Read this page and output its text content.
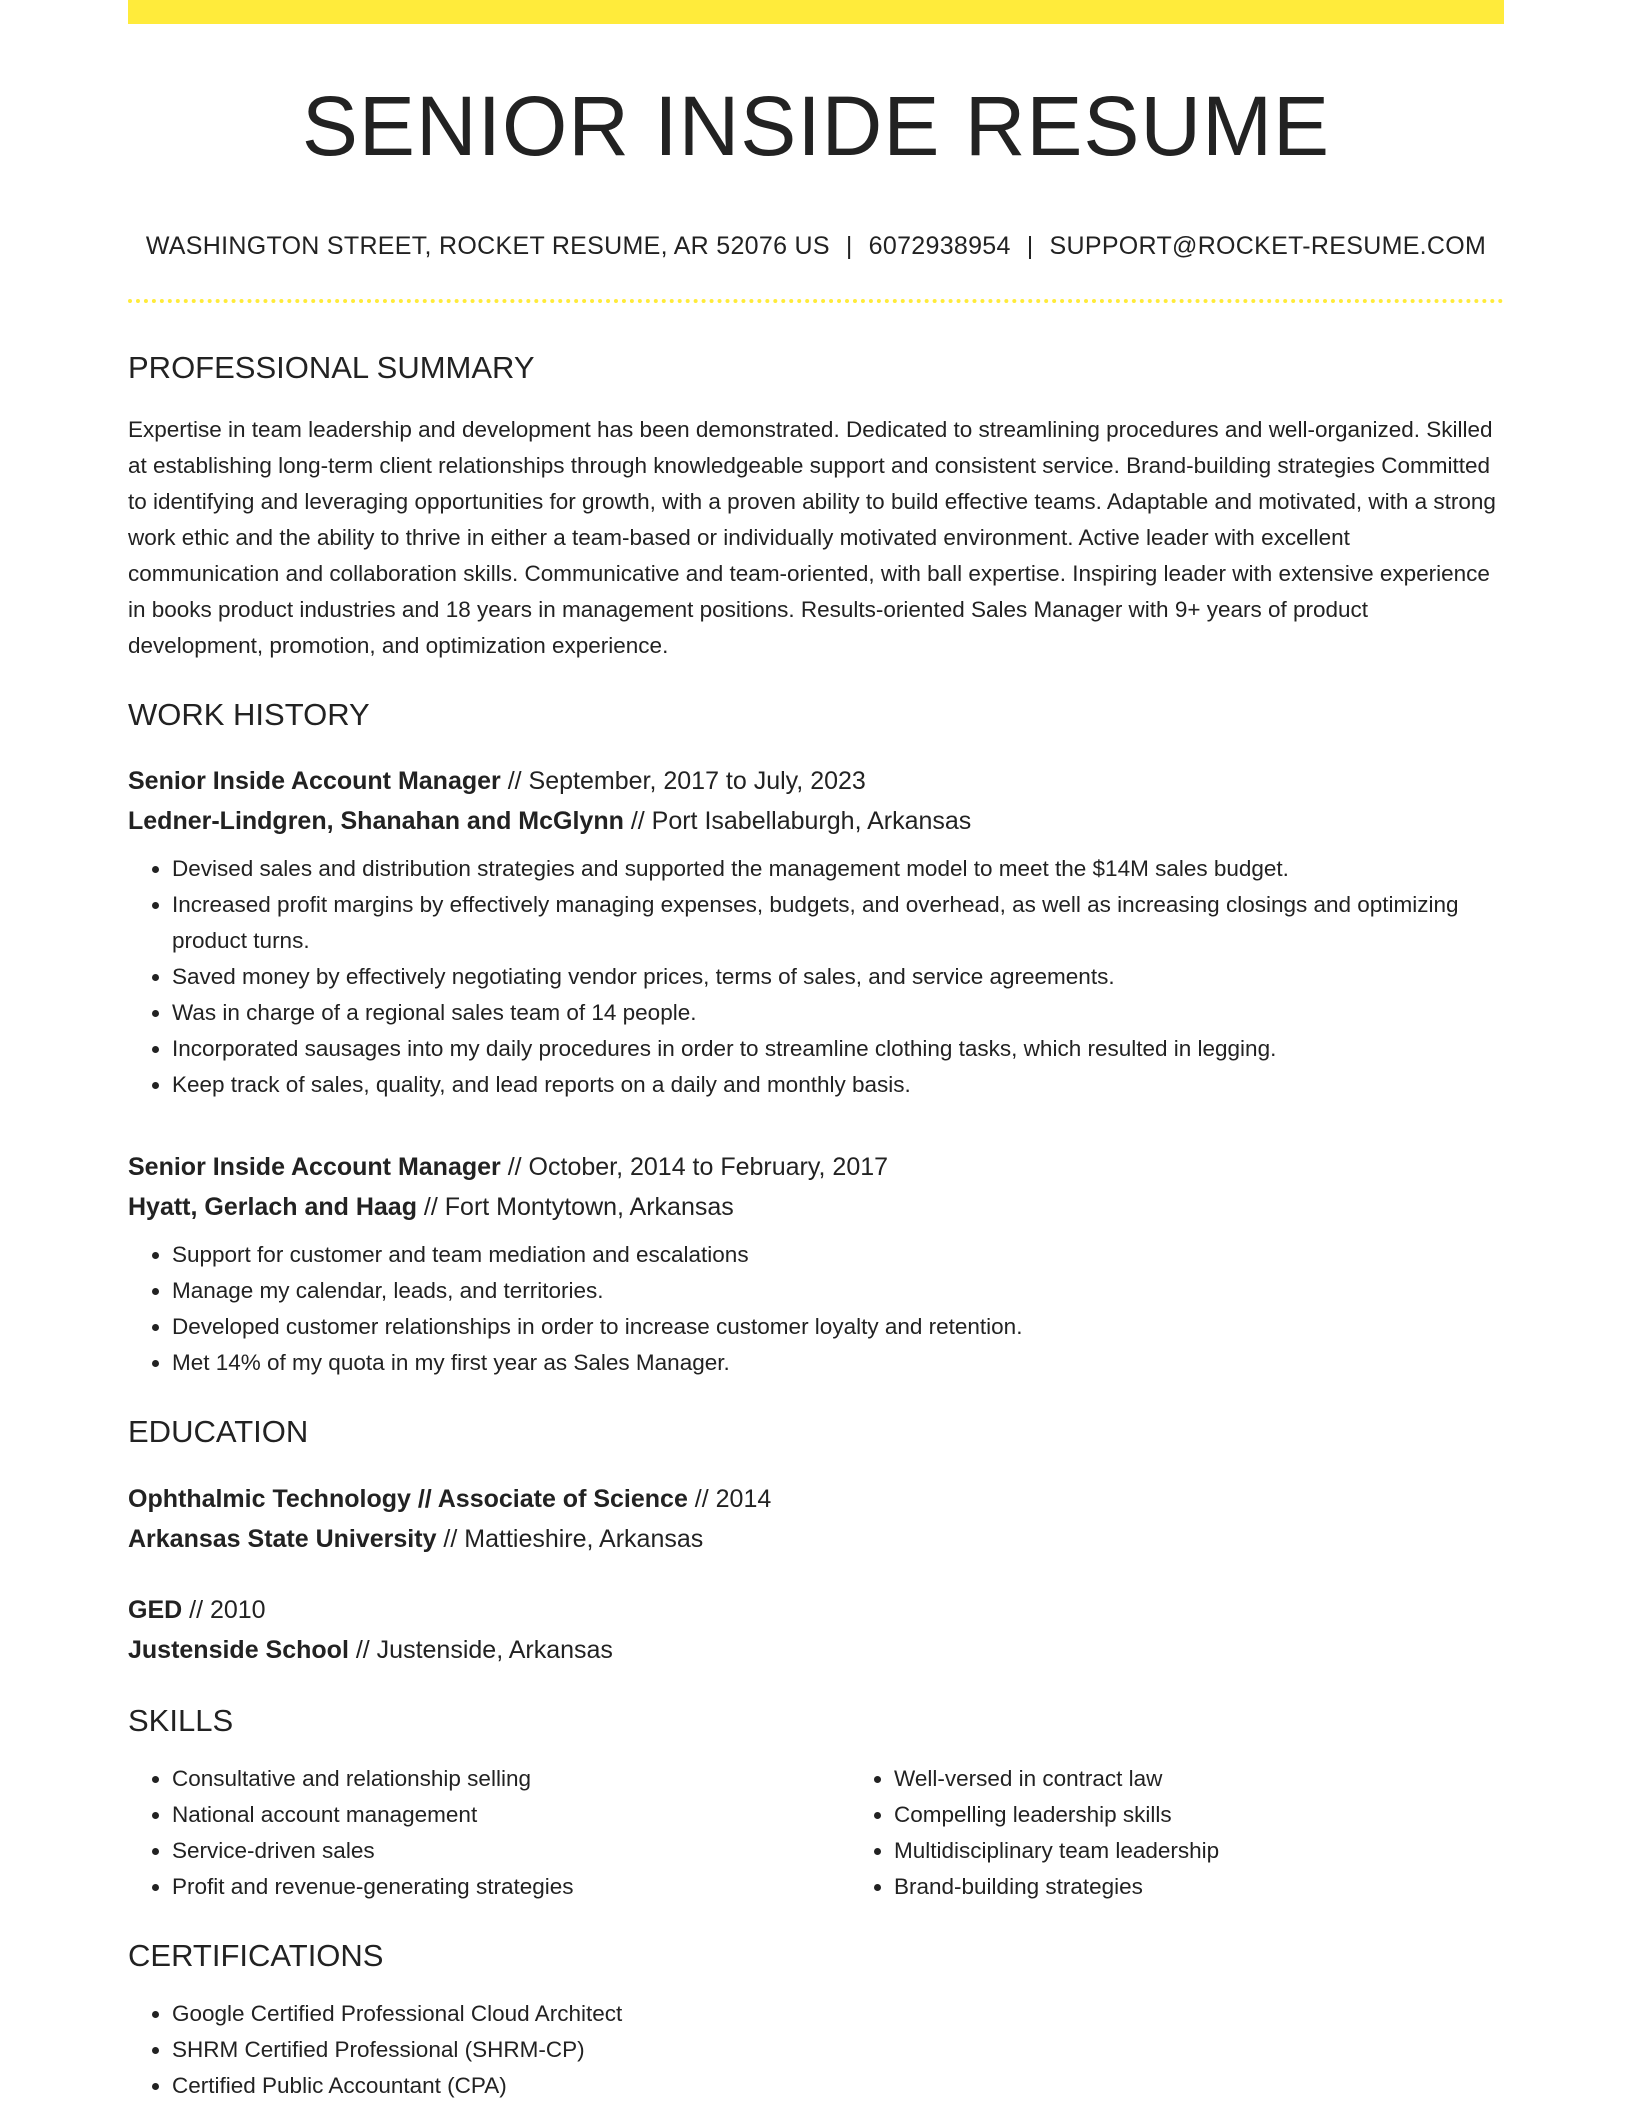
SENIOR INSIDE RESUME
WASHINGTON STREET, ROCKET RESUME, AR 52076 US | 6072938954 | SUPPORT@ROCKET-RESUME.COM
PROFESSIONAL SUMMARY
Expertise in team leadership and development has been demonstrated. Dedicated to streamlining procedures and well-organized. Skilled at establishing long-term client relationships through knowledgeable support and consistent service. Brand-building strategies Committed to identifying and leveraging opportunities for growth, with a proven ability to build effective teams. Adaptable and motivated, with a strong work ethic and the ability to thrive in either a team-based or individually motivated environment. Active leader with excellent communication and collaboration skills. Communicative and team-oriented, with ball expertise. Inspiring leader with extensive experience in books product industries and 18 years in management positions. Results-oriented Sales Manager with 9+ years of product development, promotion, and optimization experience.
WORK HISTORY
Senior Inside Account Manager // September, 2017 to July, 2023
Ledner-Lindgren, Shanahan and McGlynn // Port Isabellaburgh, Arkansas
• Devised sales and distribution strategies and supported the management model to meet the $14M sales budget.
• Increased profit margins by effectively managing expenses, budgets, and overhead, as well as increasing closings and optimizing product turns.
• Saved money by effectively negotiating vendor prices, terms of sales, and service agreements.
• Was in charge of a regional sales team of 14 people.
• Incorporated sausages into my daily procedures in order to streamline clothing tasks, which resulted in legging.
• Keep track of sales, quality, and lead reports on a daily and monthly basis.
Senior Inside Account Manager // October, 2014 to February, 2017
Hyatt, Gerlach and Haag // Fort Montytown, Arkansas
• Support for customer and team mediation and escalations
• Manage my calendar, leads, and territories.
• Developed customer relationships in order to increase customer loyalty and retention.
• Met 14% of my quota in my first year as Sales Manager.
EDUCATION
Ophthalmic Technology // Associate of Science // 2014
Arkansas State University // Mattieshire, Arkansas
GED // 2010
Justenside School // Justenside, Arkansas
SKILLS
• Consultative and relationship selling
• National account management
• Service-driven sales
• Profit and revenue-generating strategies
• Well-versed in contract law
• Compelling leadership skills
• Multidisciplinary team leadership
• Brand-building strategies
CERTIFICATIONS
• Google Certified Professional Cloud Architect
• SHRM Certified Professional (SHRM-CP)
• Certified Public Accountant (CPA)
